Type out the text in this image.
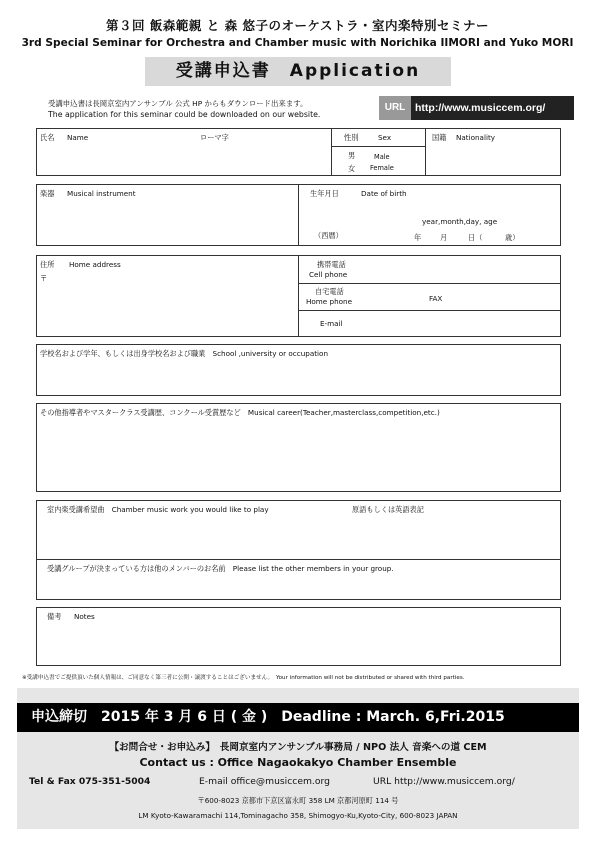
第３回 飯森範親 と 森 悠子のオーケストラ・室内楽特別セミナー
3rd Special Seminar for Orchestra and Chamber music with Norichika IIMORI and Yuko MORI
受講申込書　Application
受講申込書は長岡京室内アンサンブル 公式 HP からもダウンロード出来ます。
The application for this seminar could be downloaded on our website.
URL http://www.musiccem.org/
氏名 Name	ローマ字	性別	Sex
男	Male
女 Female
国籍 Nationality
楽器 Musical instrument	生年月日	Date of birth
year,month,day, age
（西暦）	年	月	日（	歳）
住所 Home address
〒
携帯電話
Cell phone
自宅電話
Home phone	FAX
E-mail
学校名および学年、もしくは出身学校名および職業　School ,university or occupation
その他指導者やマスタークラス受講歴、コンクール受賞歴など　Musical career(Teacher,masterclass,competition,etc.)
室内楽受講希望曲　Chamber music work you would like to play	原語もしくは英語表記
受講グループが決まっている方は他のメンバーのお名前　Please list the other members in your group.
備考 Notes
※受講申込書でご提供頂いた個人情報は、ご同意なく第三者に公開・譲渡することはございません。　Your information will not be distributed or shared with third parties.
申込締切　2015 年 3 月 6 日 ( 金 )　Deadline : March. 6,Fri.2015
【お問合せ・お申込み】　長岡京室内アンサンブル事務局 / NPO 法人 音楽への道 CEM
Contact us : Office Nagaokakyo Chamber Ensemble
Tel & Fax 075-351-5004	E-mail office@musiccem.org	URL http://www.musiccem.org/
〒600-8023 京都市下京区富永町 358 LM 京都河原町 114 号
LM Kyoto-Kawaramachi 114,Tominagacho 358, Shimogyo-Ku,Kyoto-City, 600-8023 JAPAN
